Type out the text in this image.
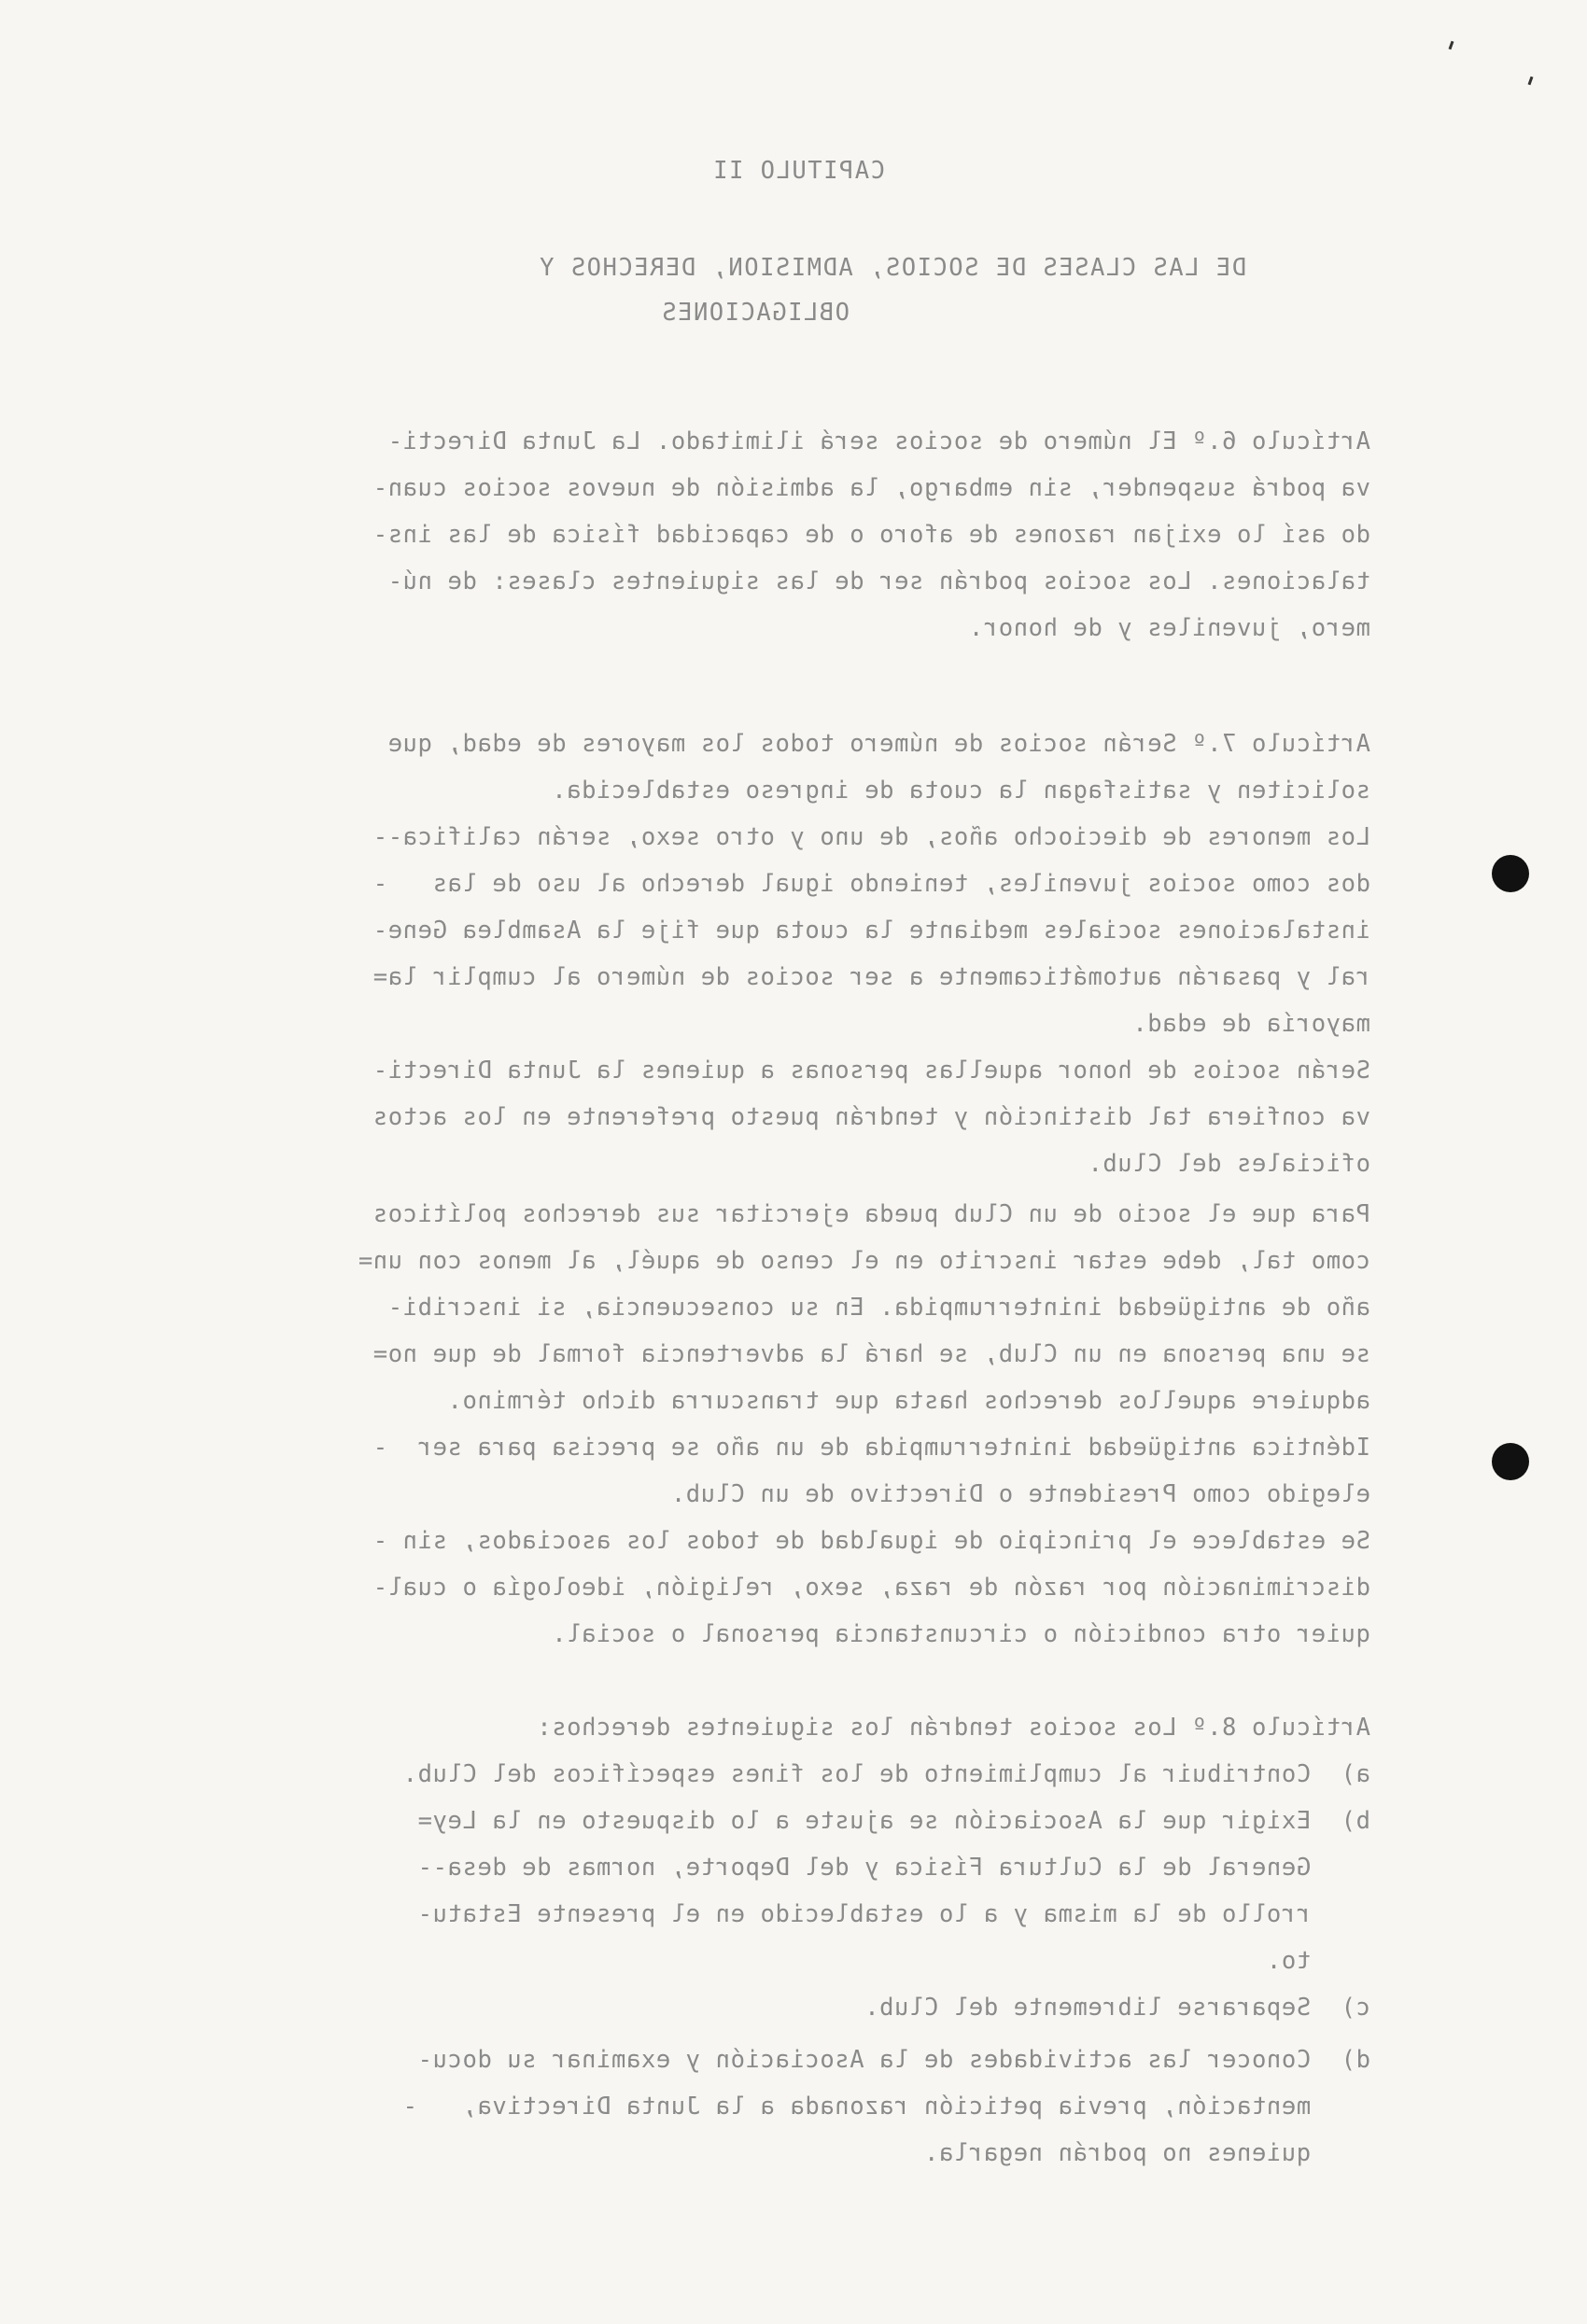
CAPITULO II
DE LAS CLASES DE SOCIOS, ADMISION, DERECHOS Y
OBLIGACIONES
Artículo 6.º El número de socios será ilimitado. La Junta Directi-
va podrá suspender, sin embargo, la admisión de nuevos socios cuan-
do así lo exijan razones de aforo o de capacidad física de las ins-
talaciones. Los socios podrán ser de las siguientes clases: de nú-
mero, juveniles y de honor.
Artículo 7.º Serán socios de número todos los mayores de edad, que
soliciten y satisfagan la cuota de ingreso establecida.
Los menores de dieciocho años, de uno y otro sexo, serán califica--
dos como socios juveniles, teniendo igual derecho al uso de las   -
instalaciones sociales mediante la cuota que fije la Asamblea Gene-
ral y pasarán automáticamente a ser socios de número al cumplir la=
mayoría de edad.
Serán socios de honor aquellas personas a quienes la Junta Directi-
va confiera tal distinción y tendrán puesto preferente en los actos
oficiales del Club.
Para que el socio de un Club pueda ejercitar sus derechos políticos
como tal, debe estar inscrito en el censo de aquél, al menos con un=
año de antigüedad ininterrumpida. En su consecuencia, si inscribi-
se una persona en un Club, se hará la advertencia formal de que no=
adquiere aquellos derechos hasta que transcurra dicho término.
Idéntica antigüedad ininterrumpida de un año se precisa para ser  -
elegido como Presidente o Directivo de un Club.
Se establece el principio de igualdad de todos los asociados, sin -
discriminación por razón de raza, sexo, religión, ideología o cual-
quier otra condición o circunstancia personal o social.
Artículo 8.º Los socios tendrán los siguientes derechos:
a)  Contribuir al cumplimiento de los fines específicos del Club.
b)  Exigir que la Asociación se ajuste a lo dispuesto en la Ley=
General de la Cultura Física y del Deporte, normas de desa--
rrollo de la misma y a lo establecido en el presente Estatu-
to.
c)  Separarse libremente del Club.
d)  Conocer las actividades de la Asociación y examinar su docu-
mentación, previa petición razonada a la Junta Directiva,   -
quienes no podrán negarla.
